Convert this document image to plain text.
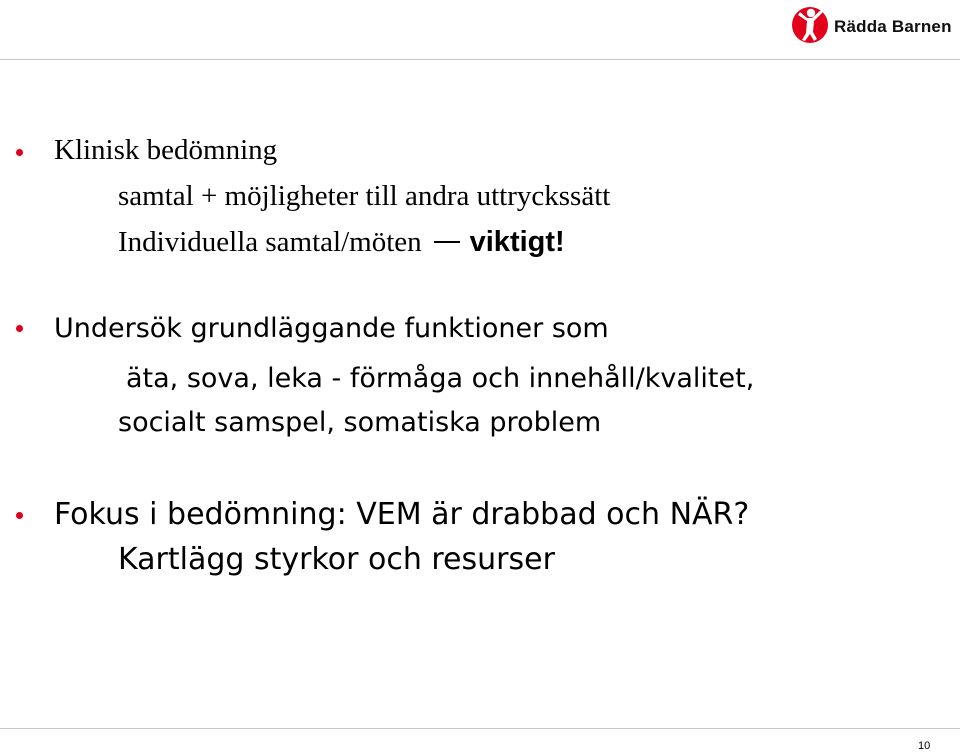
Rädda Barnen
Klinisk bedömning
samtal + möjligheter till andra uttryckssätt
Individuella samtal/möten viktigt!
Undersök grundläggande funktioner som
äta, sova, leka - förmåga och innehåll/kvalitet,
socialt samspel, somatiska problem
Fokus i bedömning: VEM är drabbad och NÄR?
Kartlägg styrkor och resurser
10
